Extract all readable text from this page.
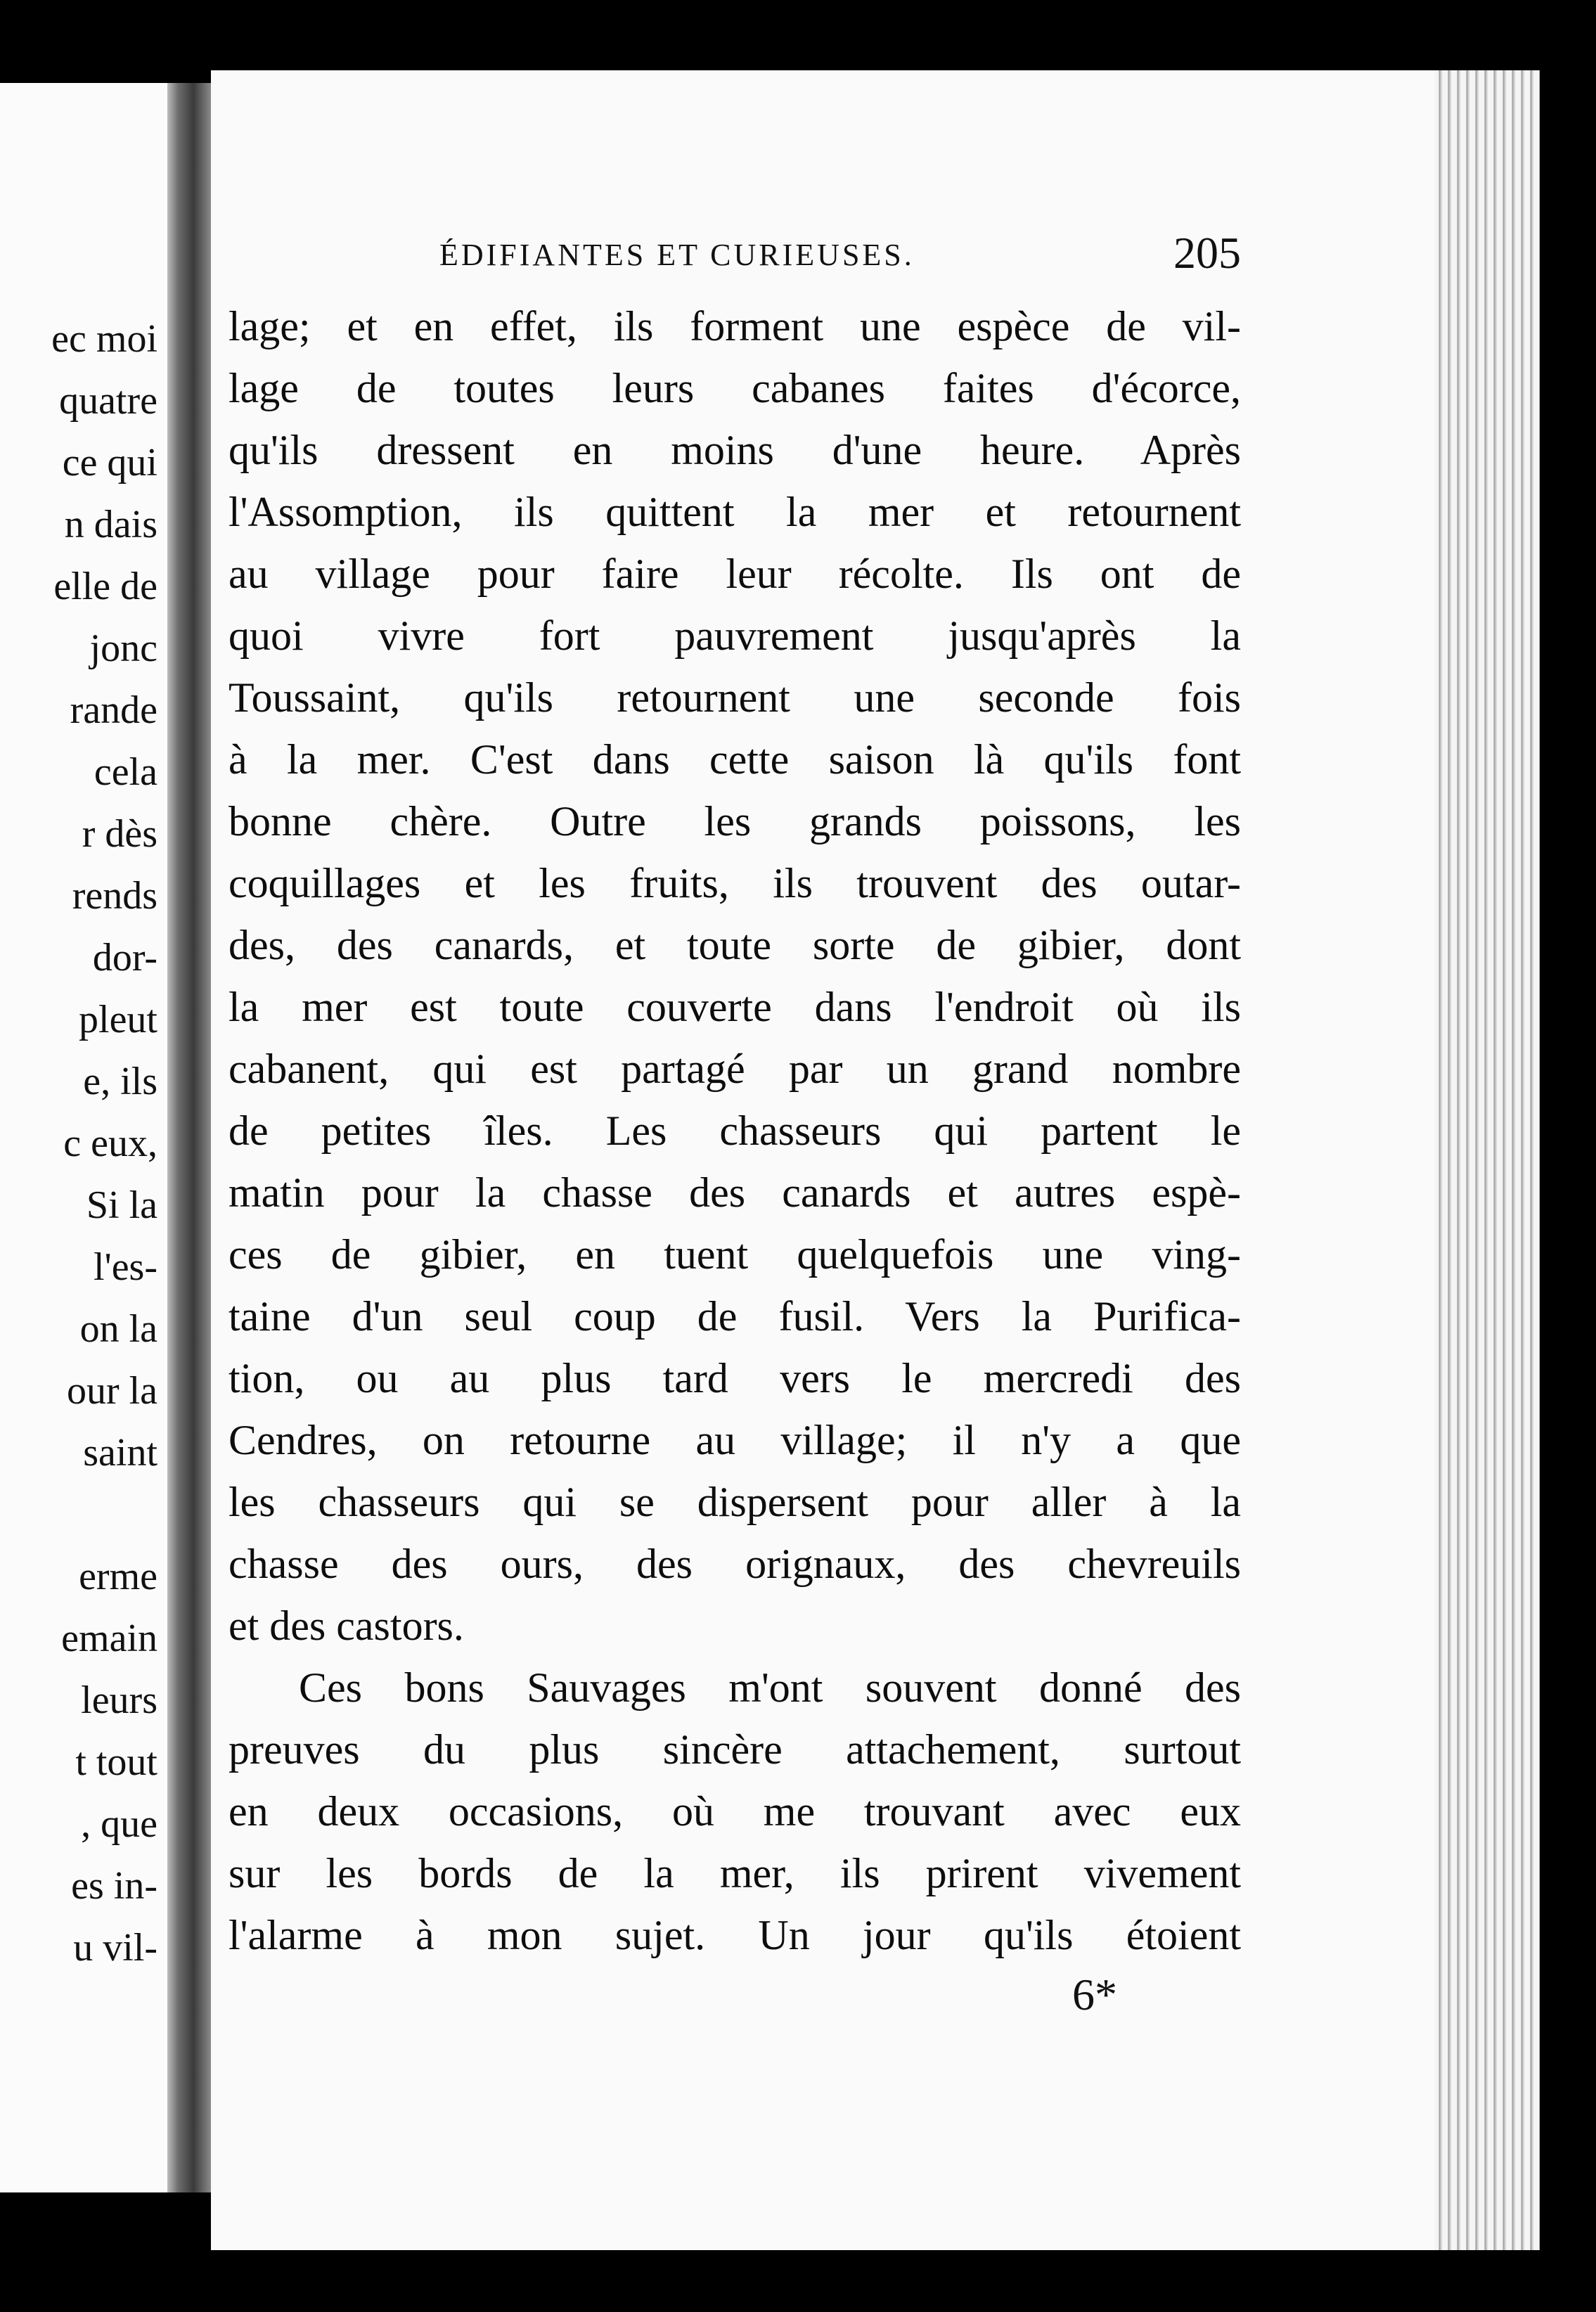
ec moi
quatre
ce qui
n dais
elle de
jonc
rande
cela
r dès
rends
dor-
pleut
e, ils
c eux,
Si la
l'es-
on la
our la
saint

erme
emain
leurs
t tout
, que
es in-
u vil-
ÉDIFIANTES ET CURIEUSES.	205
lage; et en effet, ils forment une espèce de vil-
lage de toutes leurs cabanes faites d'écorce,
qu'ils dressent en moins d'une heure. Après
l'Assomption, ils quittent la mer et retournent
au village pour faire leur récolte. Ils ont de
quoi vivre fort pauvrement jusqu'après la
Toussaint, qu'ils retournent une seconde fois
à la mer. C'est dans cette saison là qu'ils font
bonne chère. Outre les grands poissons, les
coquillages et les fruits, ils trouvent des outar-
des, des canards, et toute sorte de gibier, dont
la mer est toute couverte dans l'endroit où ils
cabanent, qui est partagé par un grand nombre
de petites îles. Les chasseurs qui partent le
matin pour la chasse des canards et autres espè-
ces de gibier, en tuent quelquefois une ving-
taine d'un seul coup de fusil. Vers la Purifica-
tion, ou au plus tard vers le mercredi des
Cendres, on retourne au village; il n'y a que
les chasseurs qui se dispersent pour aller à la
chasse des ours, des orignaux, des chevreuils
et des castors.
Ces bons Sauvages m'ont souvent donné des
preuves du plus sincère attachement, surtout
en deux occasions, où me trouvant avec eux
sur les bords de la mer, ils prirent vivement
l'alarme à mon sujet. Un jour qu'ils étoient
6*
